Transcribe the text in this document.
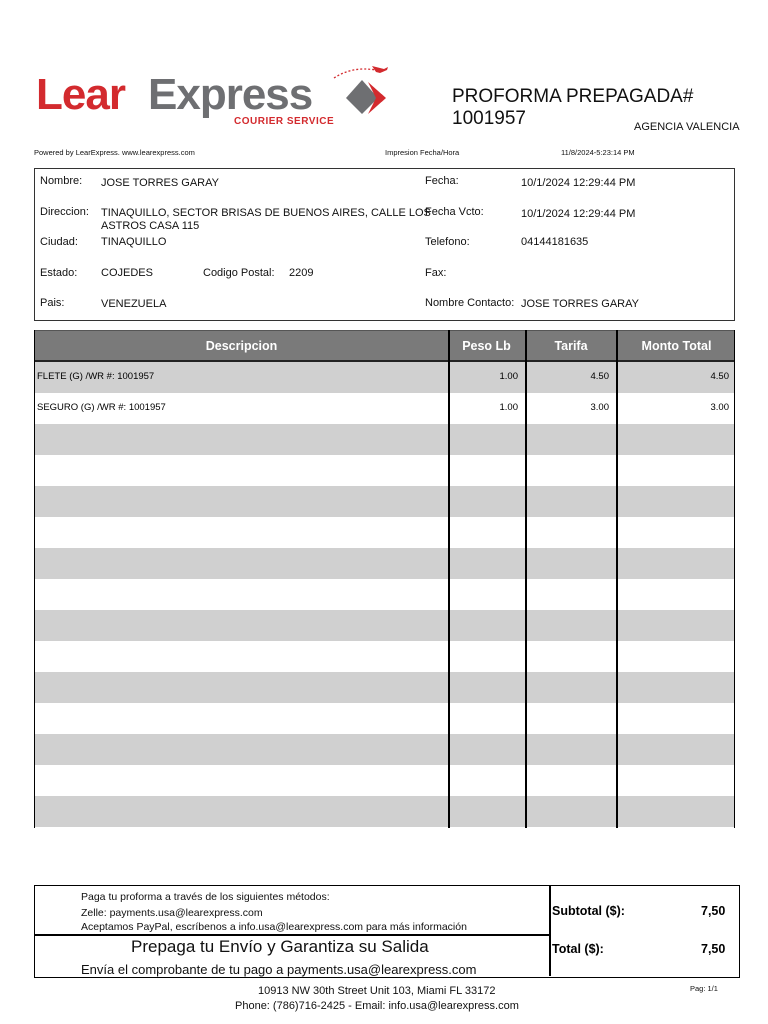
Lear Express
COURIER SERVICE
PROFORMA PREPAGADA# 1001957	AGENCIA VALENCIA
Powered by LearExpress. www.learexpress.com	Impresion Fecha/Hora	11/8/2024-5:23:14 PM
Nombre: JOSE TORRES GARAY
Direccion: TINAQUILLO, SECTOR BRISAS DE BUENOS AIRES, CALLE LOS
ASTROS CASA 115
Ciudad: TINAQUILLO
Estado: COJEDES	Codigo Postal: 2209
Pais:	VENEZUELA
Fecha:	10/1/2024 12:29:44 PM
Fecha Vcto:	10/1/2024 12:29:44 PM
Telefono:	04144181635
Fax:
Nombre Contacto: JOSE TORRES GARAY
Descripcion	Peso Lb	Tarifa	Monto Total
FLETE (G) /WR #: 1001957	1.00	4.50	4.50
SEGURO (G) /WR #: 1001957	1.00	3.00	3.00
Paga tu proforma a través de los siguientes métodos:
Zelle: payments.usa@learexpress.com
Aceptamos PayPal, escríbenos a info.usa@learexpress.com para más información
Prepaga tu Envío y Garantiza su Salida
Envía el comprobante de tu pago a payments.usa@learexpress.com
Subtotal ($):	7,50
Total ($):	7,50
10913 NW 30th Street Unit 103, Miami FL 33172
Phone: (786)716-2425 - Email: info.usa@learexpress.com
Pag: 1/1
